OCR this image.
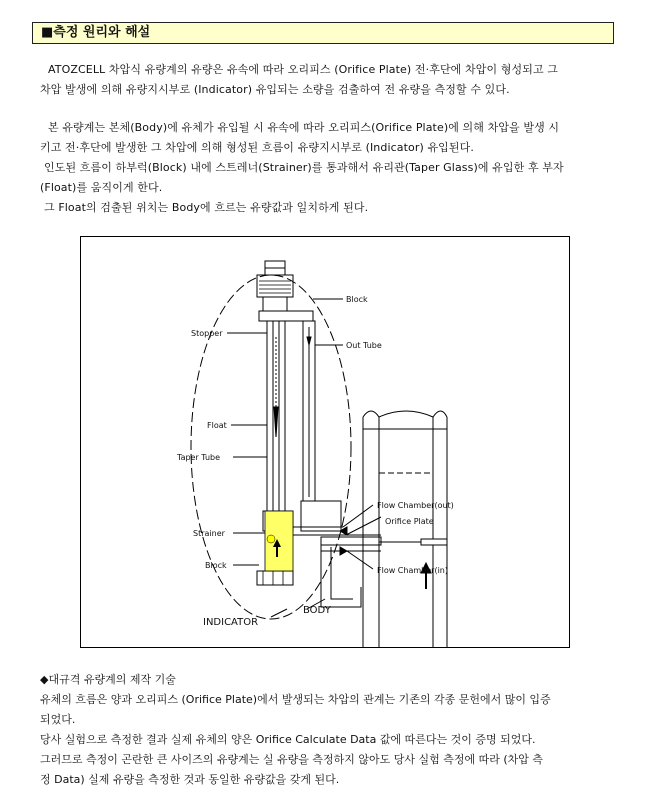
■측정 원리와 해설
ATOZCELL 차압식 유량계의 유량은 유속에 따라 오리피스 (Orifice Plate) 전·후단에 차압이 형성되고 그
차압 발생에 의해 유량지시부로 (Indicator) 유입되는 소량을 검출하여 전 유량을 측정할 수 있다.
본 유량계는 본체(Body)에 유체가 유입될 시 유속에 따라 오리피스(Orifice Plate)에 의해 차압을 발생 시
키고 전·후단에 발생한 그 차압에 의해 형성된 흐름이 유량지시부로 (Indicator) 유입된다.
인도된 흐름이 하부럭(Block) 내에 스트레너(Strainer)를 통과해서 유리관(Taper Glass)에 유입한 후 부자
(Float)를 움직이게 한다.
그 Float의 검출된 위치는 Body에 흐르는 유량값과 일치하게 된다.
Block
Stopper
Out Tube
Float
Taper Tube
Flow Chamber(out)
Orifice Plate
Strainer
Flow Chamber(in)
Block
INDICATOR
BODY
◆대규격 유량계의 제작 기술
유체의 흐름은 양과 오리피스 (Orifice Plate)에서 발생되는 차압의 관계는 기존의 각종 문헌에서 많이 입증
되었다.
당사 실험으로 측정한 결과 실제 유체의 양은 Orifice Calculate Data 값에 따른다는 것이 증명 되었다.
그러므로 측정이 곤란한 큰 사이즈의 유량계는 실 유량을 측정하지 않아도 당사 실험 측정에 따라 (차압 측
정 Data) 실제 유량을 측정한 것과 동일한 유량값을 갖게 된다.
